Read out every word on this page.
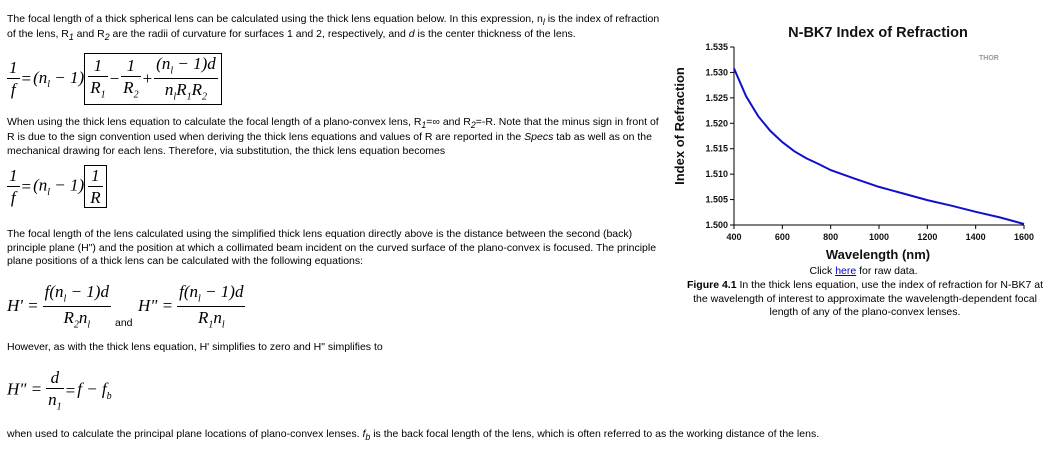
The focal length of a thick spherical lens can be calculated using the thick lens equation below. In this expression, $n_l$ is the index of refraction of the lens, $R_1$ and $R_2$ are the radii of curvature for surfaces 1 and 2, respectively, and d is the center thickness of the lens.

$\frac{1}{f} = (n_l - 1) \frac{1}{R_1} - \frac{1}{R_2} + \frac{(n_l - 1)d}{n_lR_1R_2}$

When using the thick lens equation to calculate the focal length of a plano-convex lens, $R_1=\infty$ and $R_2=-R$. Note that the minus sign in front of R is due to the sign convention used when deriving the thick lens equations and values of R are reported in the Specs tab as well as on the mechanical drawing for each lens. Therefore, via substitution, the thick lens equation becomes

$\frac{1}{f} = (n_l - 1) \frac{1}{R}$

The focal length of the lens calculated using the simplified thick lens equation directly above is the distance between the second (back) principle plane (H") and the position at which a collimated beam incident on the curved surface of the plano-convex is focused. The principle plane positions of a thick lens can be calculated with the following equations:

$H' = \frac{f(n_l - 1)d}{R_2n_l}$ and
H" = $\frac{f(n_l - 1)d}{R_1n_l}$

However, as with the thick lens equation, H' simplifies to zero and H" simplifies to

H" = $\frac{d}{n_1} = f - f_b$

when used to calculate the principal plane locations of plano-convex lenses. $f_b$ is the back focal length of the lens, which is often referred to as the working distance of the lens.

N-BK7 Index of Refraction
Index of Refraction
Wavelength (nm)
THOR
1.500
1.505
1.510
1.515
1.520
1.525
1.530
1.535
400	600	800	1000	1200	1400	1600
Click here for raw data.
Figure 4.1 In the thick lens equation, use the index of refraction for N-BK7 at the wavelength of interest to approximate the wavelength-dependent focal length of any of the plano-convex lenses.
